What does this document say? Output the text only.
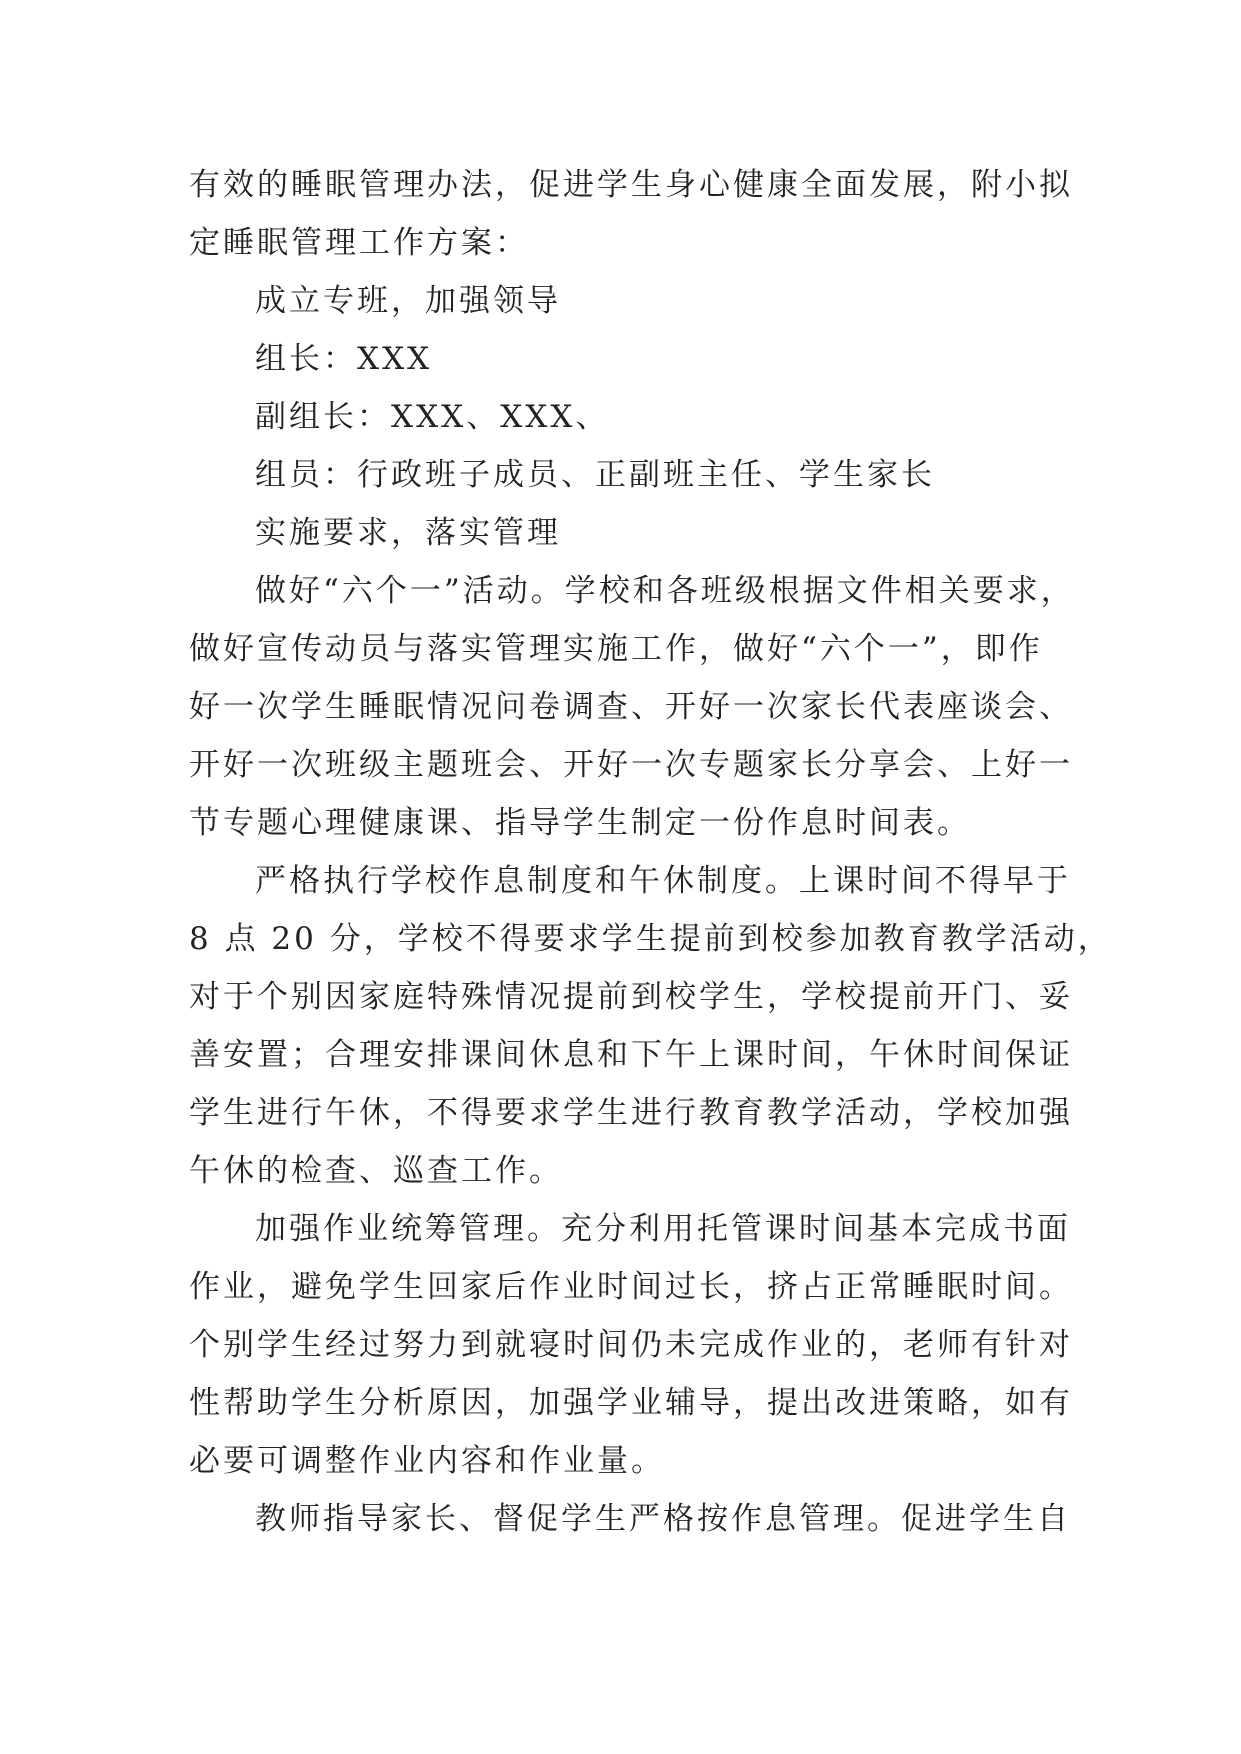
有效的睡眠管理办法，促进学生身心健康全面发展，附小拟
定睡眠管理工作方案：
成立专班，加强领导
组长：XXX
副组长：XXX、XXX、
组员：行政班子成员、正副班主任、学生家长
实施要求，落实管理
做好“六个一”活动。学校和各班级根据文件相关要求，
做好宣传动员与落实管理实施工作，做好“六个一”，即作
好一次学生睡眠情况问卷调查、开好一次家长代表座谈会、
开好一次班级主题班会、开好一次专题家长分享会、上好一
节专题心理健康课、指导学生制定一份作息时间表。
严格执行学校作息制度和午休制度。上课时间不得早于
8 点 20 分，学校不得要求学生提前到校参加教育教学活动，
对于个别因家庭特殊情况提前到校学生，学校提前开门、妥
善安置；合理安排课间休息和下午上课时间，午休时间保证
学生进行午休，不得要求学生进行教育教学活动，学校加强
午休的检查、巡查工作。
加强作业统筹管理。充分利用托管课时间基本完成书面
作业，避免学生回家后作业时间过长，挤占正常睡眠时间。
个别学生经过努力到就寝时间仍未完成作业的，老师有针对
性帮助学生分析原因，加强学业辅导，提出改进策略，如有
必要可调整作业内容和作业量。
教师指导家长、督促学生严格按作息管理。促进学生自
